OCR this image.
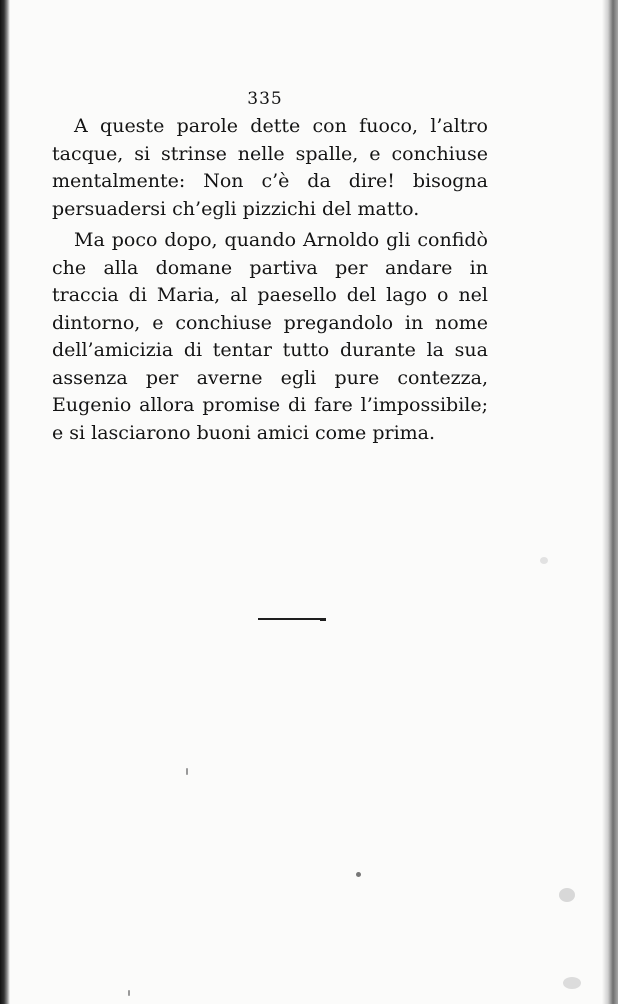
335

A queste parole dette con fuoco, l’altro tacque, si strinse nelle spalle, e conchiuse mentalmente: Non c’è da dire! bisogna persuadersi ch’egli pizzichi del matto.

Ma poco dopo, quando Arnoldo gli confidò che alla domane partiva per andare in traccia di Maria, al paesello del lago o nel dintorno, e conchiuse pregandolo in nome dell’amicizia di tentar tutto durante la sua assenza per averne egli pure contezza, Eugenio allora promise di fare l’impossibile; e si lasciarono buoni amici come prima.
